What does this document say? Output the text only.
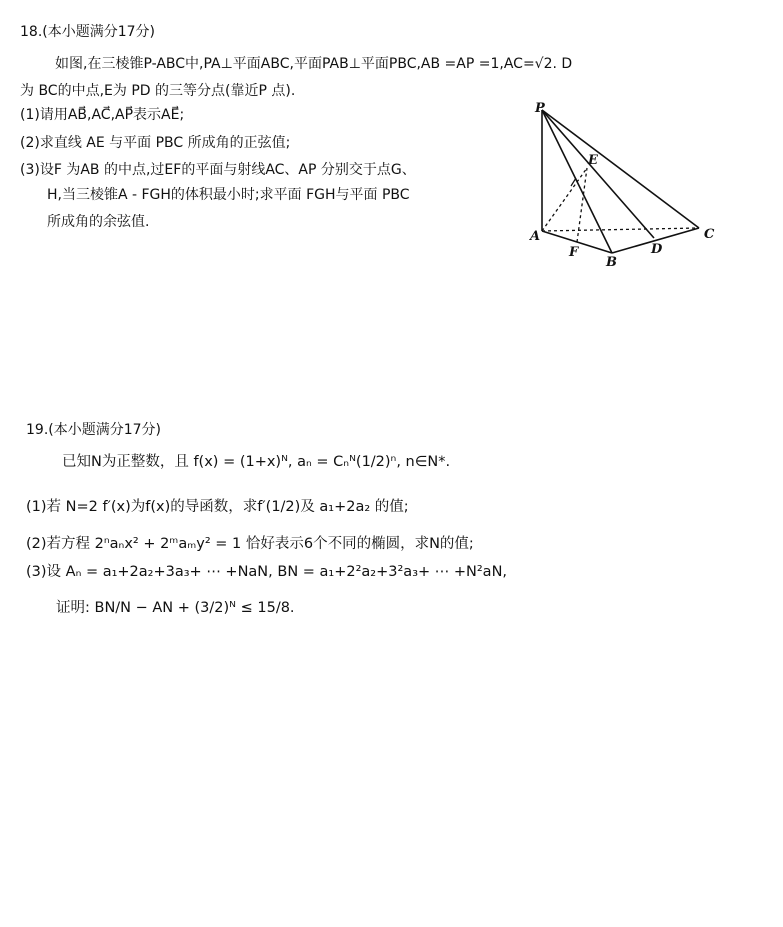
18.(本小题满分17分)
如图,在三棱锥P-ABC中,PA⊥平面ABC,平面PAB⊥平面PBC,AB =AP =1,AC=√2. D
为 BC的中点,E为 PD 的三等分点(靠近P 点).
(1)请用AB⃗,AC⃗,AP⃗表示AE⃗;
(2)求直线 AE 与平面 PBC 所成角的正弦值;
(3)设F 为AB 的中点,过EF的平面与射线AC、AP 分别交于点G、
H,当三棱锥A - FGH的体积最小时;求平面 FGH与平面 PBC
所成角的余弦值.
P
A
B
C
D
E
F
19.(本小题满分17分)
已知N为正整数，且 f(x) = (1+x)ᴺ, aₙ = Cₙᴺ(1/2)ⁿ, n∈N*.
(1)若 N=2 f′(x)为f(x)的导函数，求f′(1/2)及 a₁+2a₂ 的值;
(2)若方程 2ⁿaₙx² + 2ᵐaₘy² = 1 恰好表示6个不同的椭圆，求N的值;
(3)设 Aₙ = a₁+2a₂+3a₃+ ⋯ +NaN, BN = a₁+2²a₂+3²a₃+ ⋯ +N²aN,
证明: BN/N − AN + (3/2)ᴺ ≤ 15/8.
